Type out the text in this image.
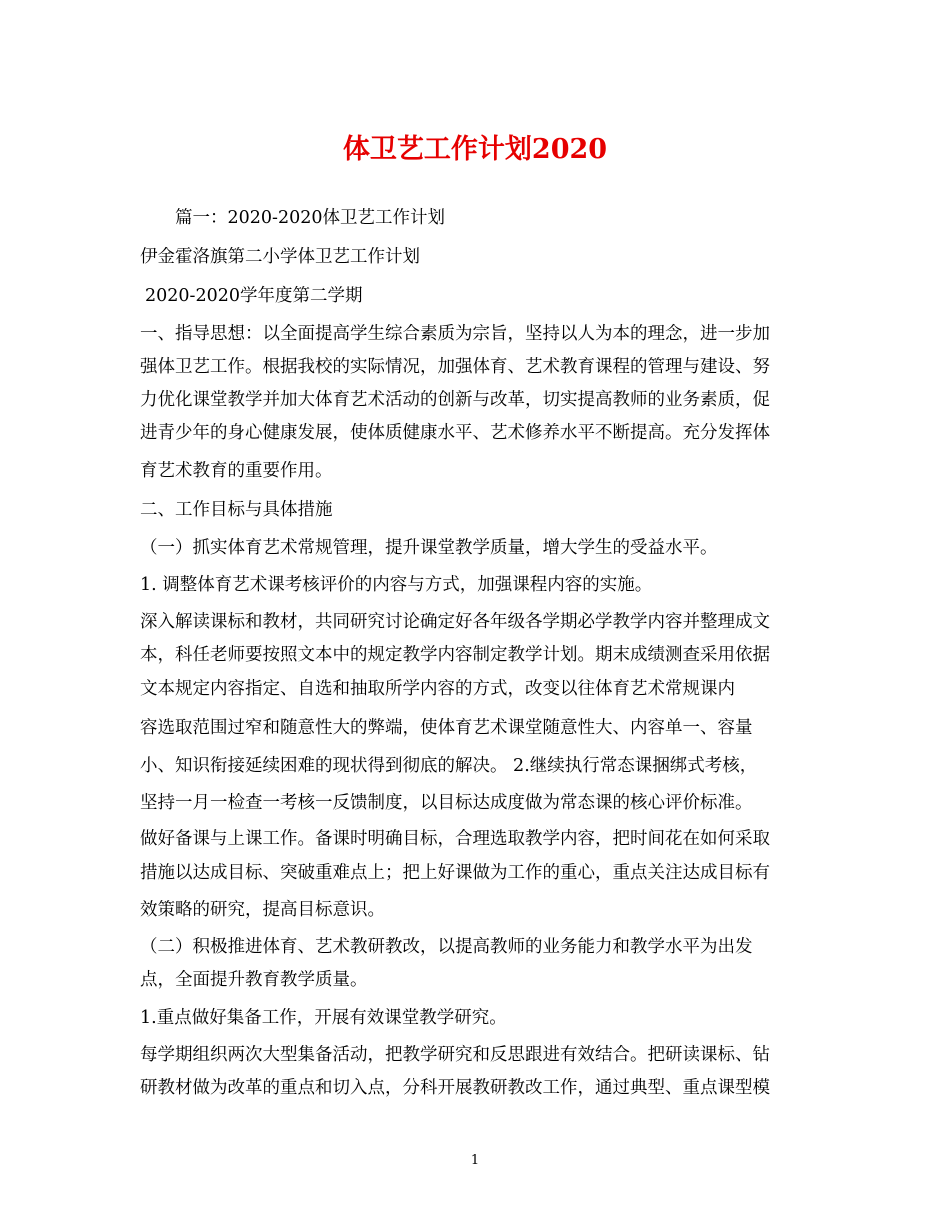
体卫艺工作计划2020
篇一：2020-2020体卫艺工作计划
伊金霍洛旗第二小学体卫艺工作计划
2020-2020学年度第二学期
一、指导思想：以全面提高学生综合素质为宗旨，坚持以人为本的理念，进一步加
强体卫艺工作。根据我校的实际情况，加强体育、艺术教育课程的管理与建设、努
力优化课堂教学并加大体育艺术活动的创新与改革，切实提高教师的业务素质，促
进青少年的身心健康发展，使体质健康水平、艺术修养水平不断提高。充分发挥体
育艺术教育的重要作用。
二、工作目标与具体措施
（一）抓实体育艺术常规管理，提升课堂教学质量，增大学生的受益水平。
1. 调整体育艺术课考核评价的内容与方式，加强课程内容的实施。
深入解读课标和教材，共同研究讨论确定好各年级各学期必学教学内容并整理成文
本，科任老师要按照文本中的规定教学内容制定教学计划。期末成绩测查采用依据
文本规定内容指定、自选和抽取所学内容的方式，改变以往体育艺术常规课内
容选取范围过窄和随意性大的弊端，使体育艺术课堂随意性大、内容单一、容量
小、知识衔接延续困难的现状得到彻底的解决。 2.继续执行常态课捆绑式考核，
坚持一月一检查一考核一反馈制度，以目标达成度做为常态课的核心评价标准。
做好备课与上课工作。备课时明确目标，合理选取教学内容，把时间花在如何采取
措施以达成目标、突破重难点上；把上好课做为工作的重心，重点关注达成目标有
效策略的研究，提高目标意识。
（二）积极推进体育、艺术教研教改，以提高教师的业务能力和教学水平为出发
点，全面提升教育教学质量。
1.重点做好集备工作，开展有效课堂教学研究。
每学期组织两次大型集备活动，把教学研究和反思跟进有效结合。把研读课标、钻
研教材做为改革的重点和切入点，分科开展教研教改工作，通过典型、重点课型模
1
